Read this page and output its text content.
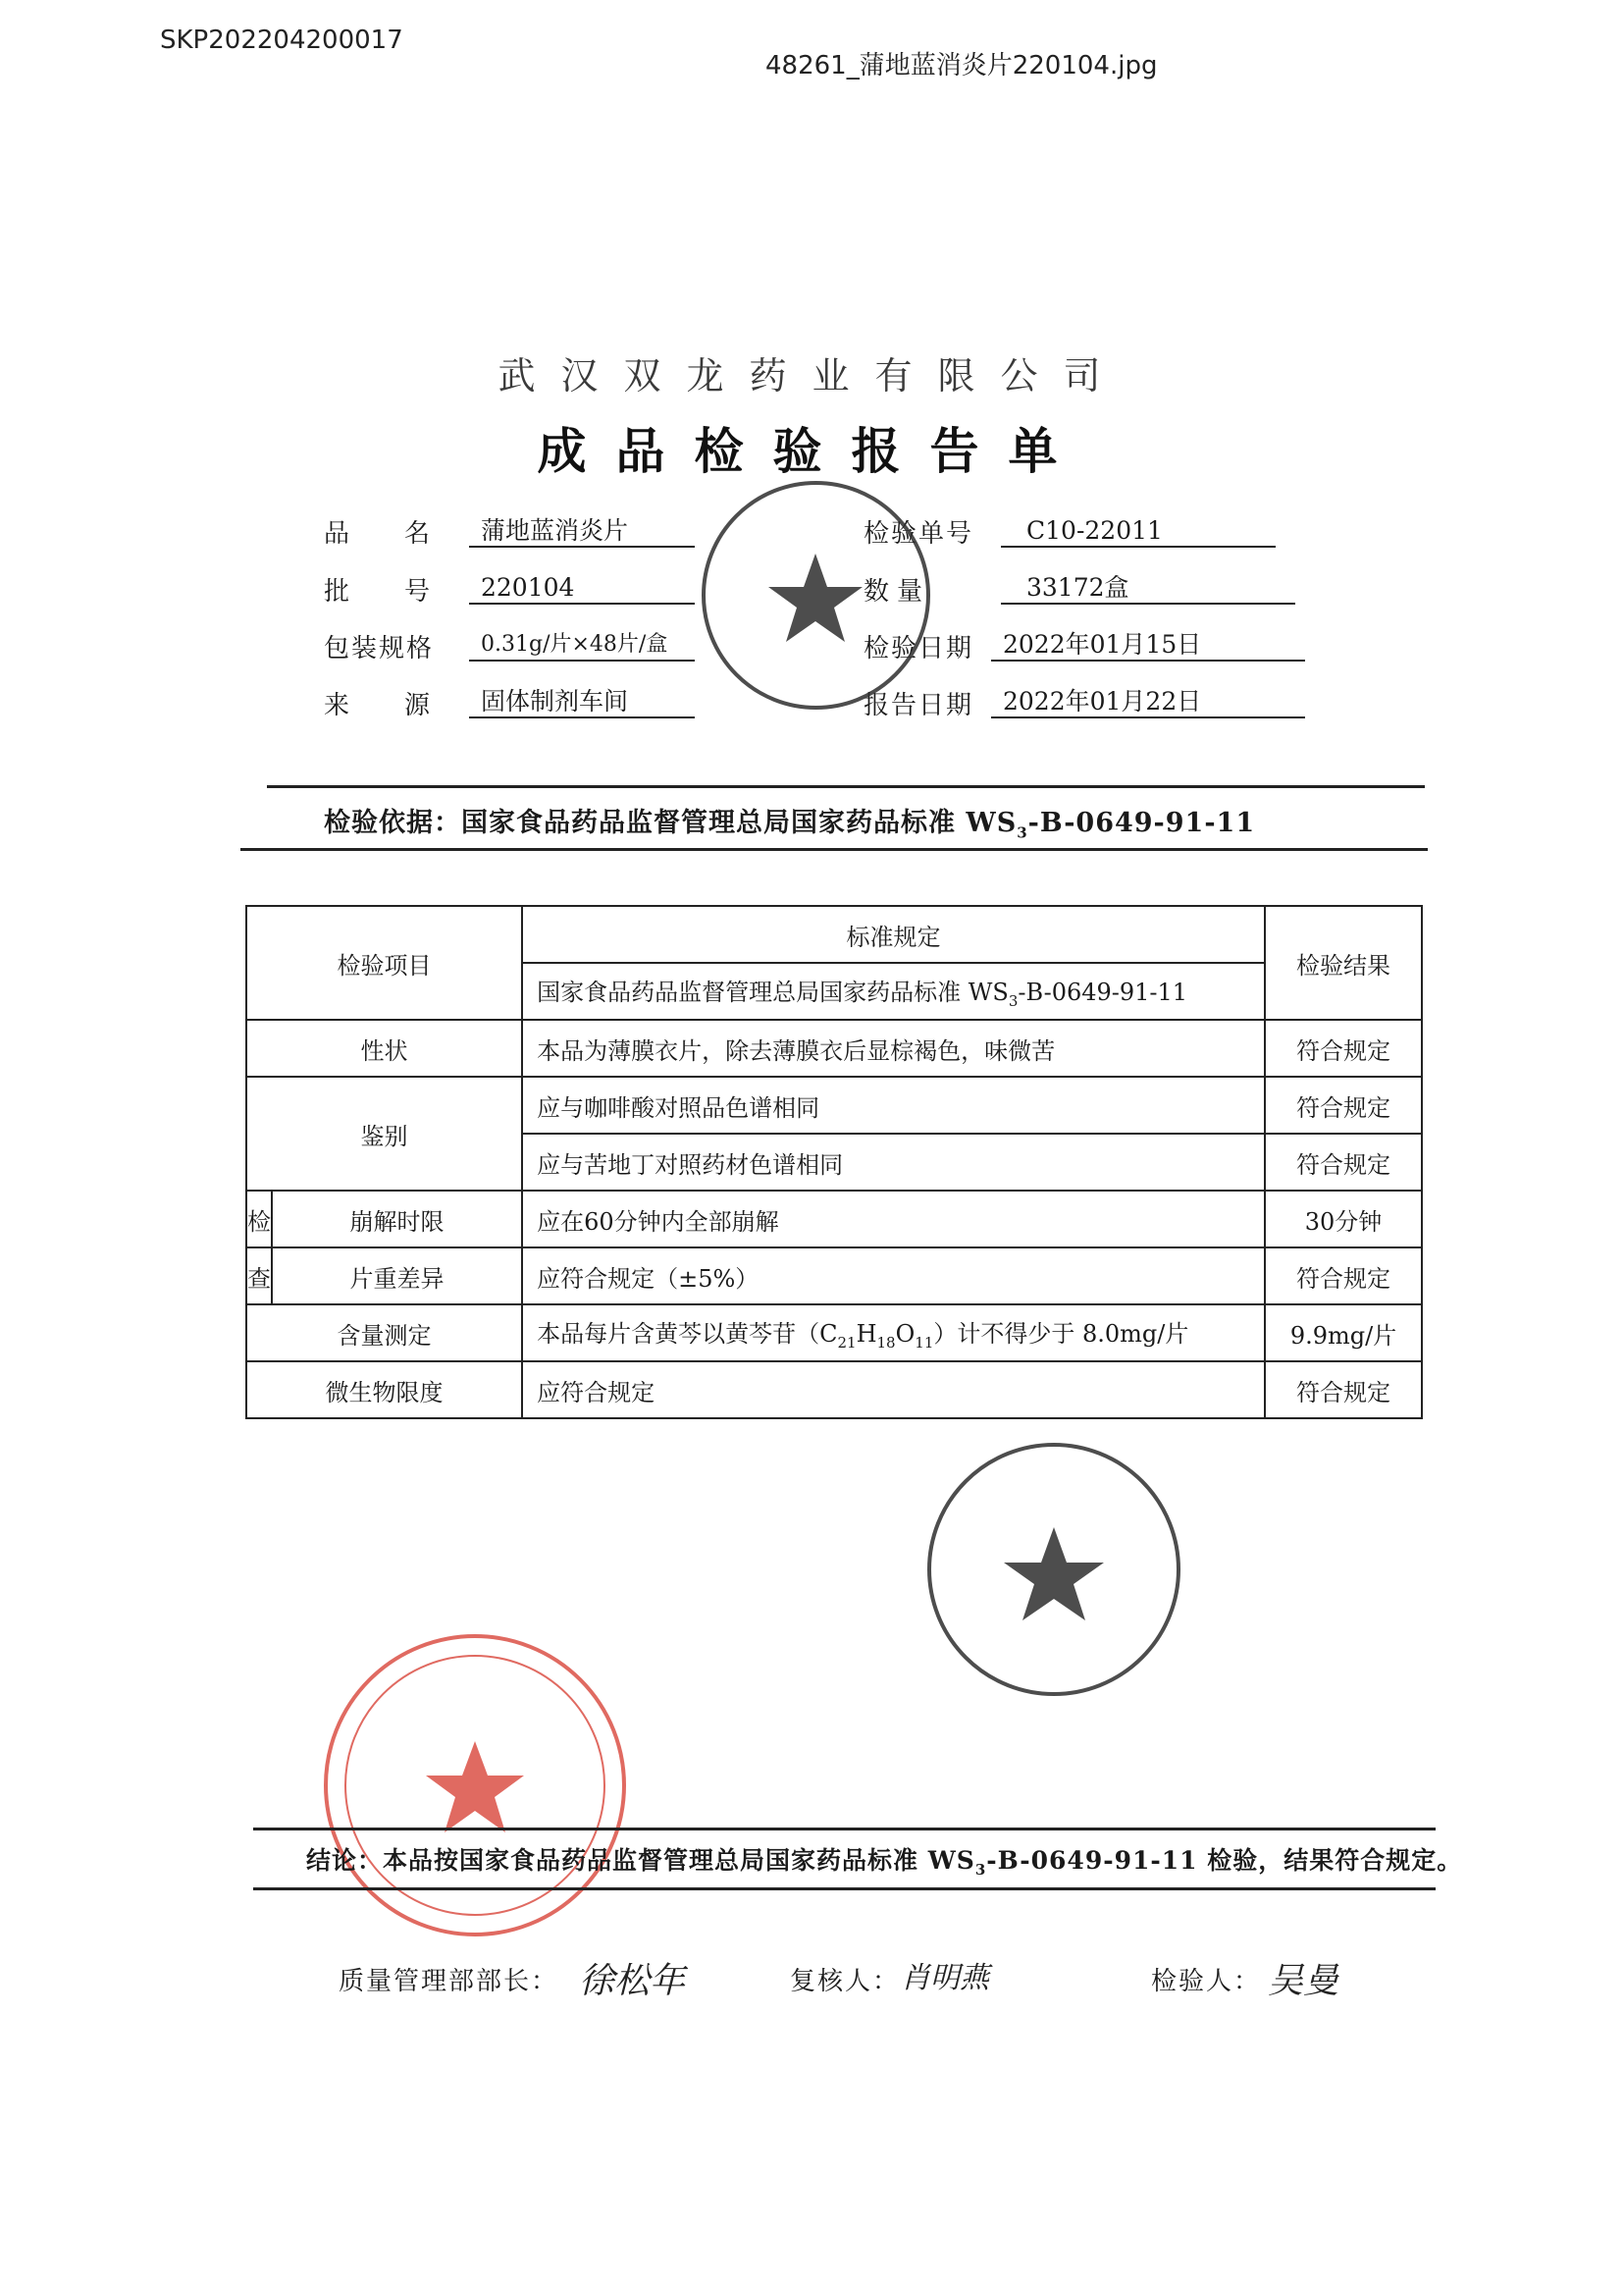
SKP202204200017
48261_蒲地蓝消炎片220104.jpg
武汉双龙药业有限公司
成品检验报告单
品名
蒲地蓝消炎片
批号
220104
包装规格	0.31g/片×48片/盒
来源
固体制剂车间
检验单号	C10-22011
数量	33172盒
检验日期	2022年01月15日
报告日期	2022年01月22日
检验依据：国家食品药品监督管理总局国家药品标准 $WS_3-B-0649-91-11$
检验项目		标准规定	检验结果
		国家食品药品监督管理总局国家药品标准 $WS_3-B-0649-91-11$	
性状		本品为薄膜衣片，除去薄膜衣后显棕褐色，味微苦	符合规定
鉴别		应与咖啡酸对照品色谱相同	符合规定
		应与苦地丁对照药材色谱相同	符合规定
检	崩解时限	应在60分钟内全部崩解	30分钟
查	片重差异	应符合规定（±5%）	符合规定
含量测定		本品每片含黄芩以黄芩苷$(C_{21}H_{18}O_{11})$计不得少于 8.0mg/片	9.9mg/片
微生物限度		应符合规定	符合规定
结论：本品按国家食品药品监督管理总局国家药品标准 $WS_3-B-0649-91-11$ 检验，结果符合规定。
质量管理部部长： 徐松年	复核人： 肖明燕	检验人： 吴曼
